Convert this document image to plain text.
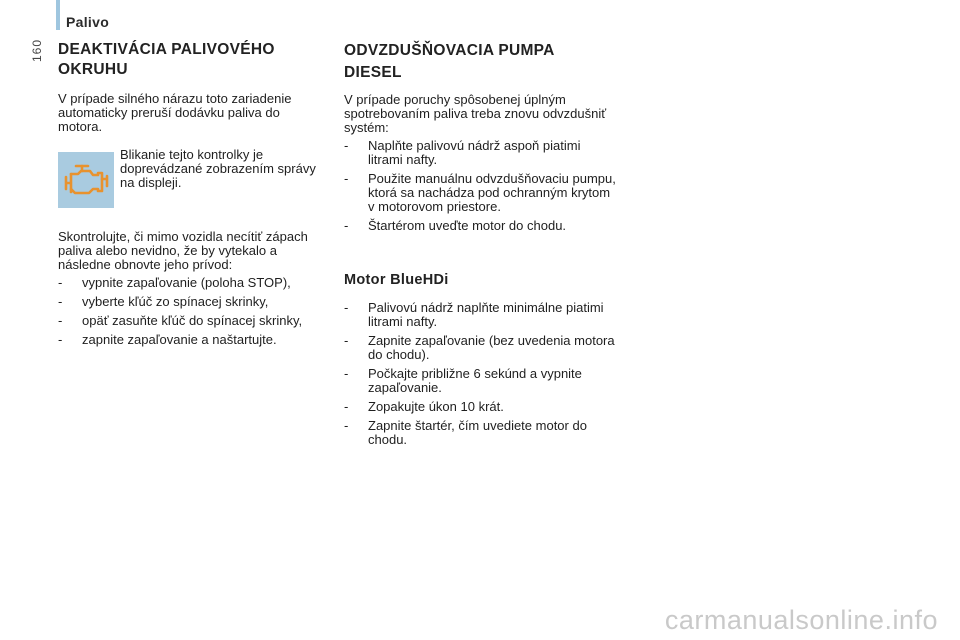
Palivo
160 DEAKTIVÁCIA PALIVOVÉHO OKRUHU

V prípade silného nárazu toto zariadenie automaticky preruší dodávku paliva do motora.

Blikanie tejto kontrolky je doprevádzané zobrazením správy na displeji.

Skontrolujte, či mimo vozidla necítiť zápach paliva alebo nevidno, že by vytekalo a následne obnovte jeho prívod:

- vypnite zapaľovanie (poloha STOP),
- vyberte kľúč zo spínacej skrinky,
- opäť zasuňte kľúč do spínacej skrinky,
- zapnite zapaľovanie a naštartujte.
ODVZDUŠŇOVACIA PUMPA DIESEL

V prípade poruchy spôsobenej úplným spotrebovaním paliva treba znovu odvzdušniť systém:

- Naplňte palivovú nádrž aspoň piatimi litrami nafty.
- Použite manuálnu odvzdušňovaciu pumpu, ktorá sa nachádza pod ochranným krytom v motorovom priestore.
- Štartérom uveďte motor do chodu.
Motor BlueHDi
- Palivovú nádrž naplňte minimálne piatimi litrami nafty.
- Zapnite zapaľovanie (bez uvedenia motora do chodu).
- Počkajte približne 6 sekúnd a vypnite zapaľovanie.
- Zopakujte úkon 10 krát.
- Zapnite štartér, čím uvediete motor do chodu.
carmanualsonline.info
